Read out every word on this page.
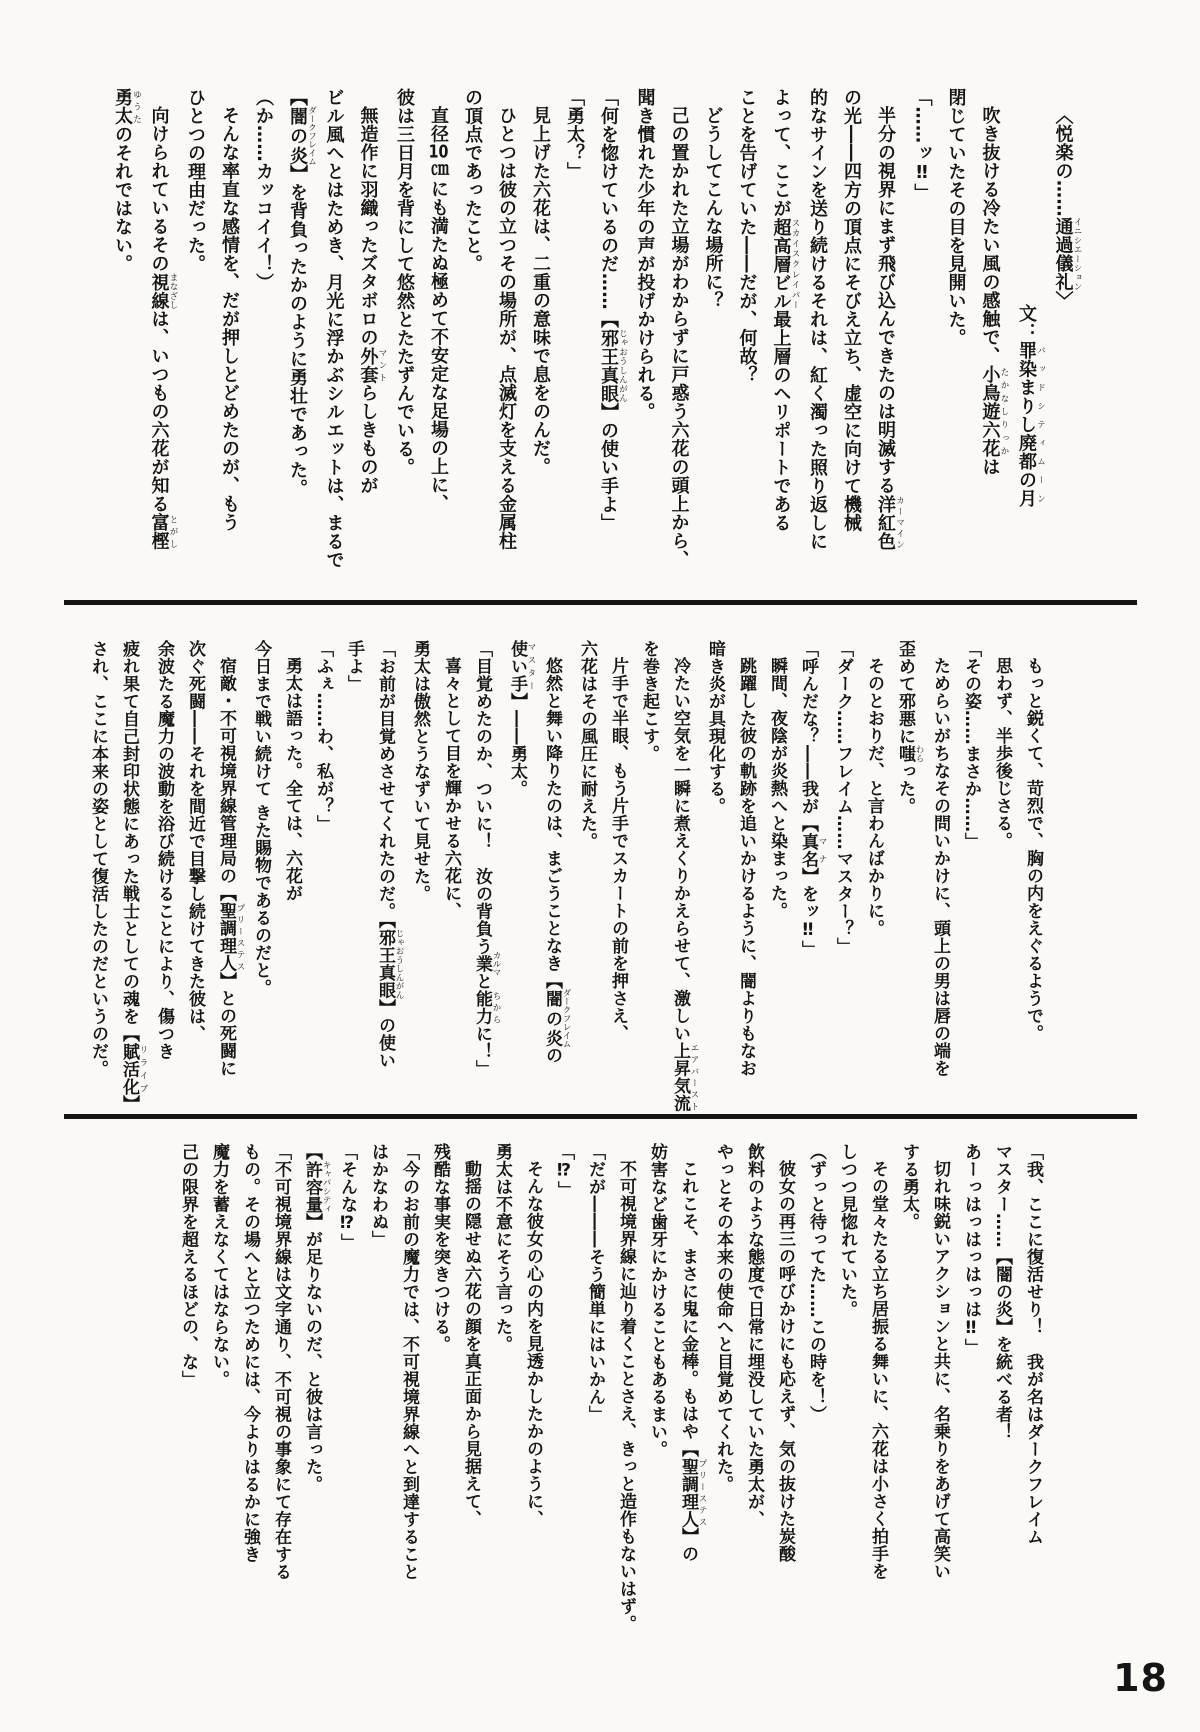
〈悦楽の……通過儀礼イニシエーション〉

文：罪染まりし廃都の月バッドシティムーン

吹き抜ける冷たい風の感触で、小鳥遊六花たかなしりっかは

閉じていたその目を見開いた。

「……ッ‼」

半分の視界にまず飛び込んできたのは明滅する洋紅色カーマイン

の光――四方の頂点にそびえ立ち、虚空に向けて機械

的なサインを送り続けるそれは、紅く濁った照り返しに

よって、ここが超高層ビルスカイスクレイパー最上層のヘリポートである

ことを告げていた――だが、何故？

どうしてこんな場所に？

己の置かれた立場がわからずに戸惑う六花の頭上から、

聞き慣れた少年の声が投げかけられる。

「何を惚けているのだ……【邪王真眼じゃおうしんがん】の使い手よ」

「勇太？」

見上げた六花は、二重の意味で息をのんだ。

ひとつは彼の立つその場所が、点滅灯を支える金属柱

の頂点であったこと。

直径10㎝にも満たぬ極めて不安定な足場の上に、

彼は三日月を背にして悠然とたたずんでいる。

無造作に羽織ったズタボロの外套マントらしきものが

ビル風へとはためき、月光に浮かぶシルエットは、まるで

【闇の炎ダークフレイム】を背負ったかのように勇壮であった。

（か……カッコイイ！）

そんな率直な感情を、だが押しとどめたのが、もう

ひとつの理由だった。

向けられているその視線まなざしは、いつもの六花が知る富樫とがし

勇太ゆうたのそれではない。

もっと鋭くて、苛烈で、胸の内をえぐるようで。

思わず、半歩後じさる。

「その姿……まさか……」

ためらいがちなその問いかけに、頭上の男は唇の端を

歪めて邪悪に嗤 わらった。

そのとおりだ、と言わんばかりに。

「ダーク……フレイム……マスター？」

「呼んだな？――我が【真名 マナ】をッ‼」

瞬間、夜陰が炎熱へと染まった。

跳躍した彼の軌跡を追いかけるように、闇よりもなお

暗き炎が具現化する。

冷たい空気を一瞬に煮えくりかえらせて、激しい上昇気流 エアバースト

を巻き起こす。

片手で半眼、もう片手でスカートの前を押さえ、

六花はその風圧に耐えた。

悠然と舞い降りたのは、まごうことなき【闇の炎 ダークフレイムの

使い手 マスター】――勇太。

「目覚めたのか、ついに！　汝の背負う業 カルマと能力 ちからに！」

喜々として目を輝かせる六花に、

勇太は傲然とうなずいて見せた。

「お前が目覚めさせてくれたのだ。【邪王真眼 じゃおうしんがん】の使い

手よ」

「ふぇ……わ、私が？」

勇太は語った。全ては、六花が

今日まで戦い続けて きた賜物であるのだと。

宿敵・不可視境界線管理局の【聖調理人 プリーステス】との死闘に

次ぐ死闘――それを間近で目撃し続けてきた彼は、

余波たる魔力の波動を浴び続けることにより、傷つき

疲れ果て自己封印状態にあった戦士としての魂を【賦活化 リライブ】

され、ここに本来の姿として復活したのだというのだ。

「我、ここに復活せり！　我が名はダークフレイム

マスター……【闇の炎】を統べる者！

あーっはっはっはっは‼」

切れ味鋭いアクションと共に、名乗りをあげて高笑い

する勇太。

その堂々たる立ち居振る舞いに、六花は小さく拍手を

しつつ見惚れていた。

（ずっと待ってた……この時を！）

彼女の再三の呼びかけにも応えず、気の抜けた炭酸

飲料のような態度で日常に埋没していた勇太が、

やっとその本来の使命へと目覚めてくれた。

これこそ、まさに鬼に金棒。もはや【聖調理人 プリーステス】の

妨害など歯牙にかけることもあるまい。

不可視境界線に辿り着くことさえ、きっと造作もないはず。

「だが―――そう簡単にはいかん」

「⁉」

そんな彼女の心の内を見透かしたかのように、

勇太は不意にそう言った。

動揺の隠せぬ六花の顔を真正面から見据えて、

残酷な事実を突きつける。

「今のお前の魔力では、不可視境界線へと到達すること

はかなわぬ」

「そんな⁉」

【許容量 キャパシティ】が足りないのだ、と彼は言った。

「不可視境界線は文字通り、不可視の事象にて存在する

もの。その場へと立つためには、今よりはるかに強き

魔力を蓄えなくてはならない。

己の限界を超えるほどの、な」

18
